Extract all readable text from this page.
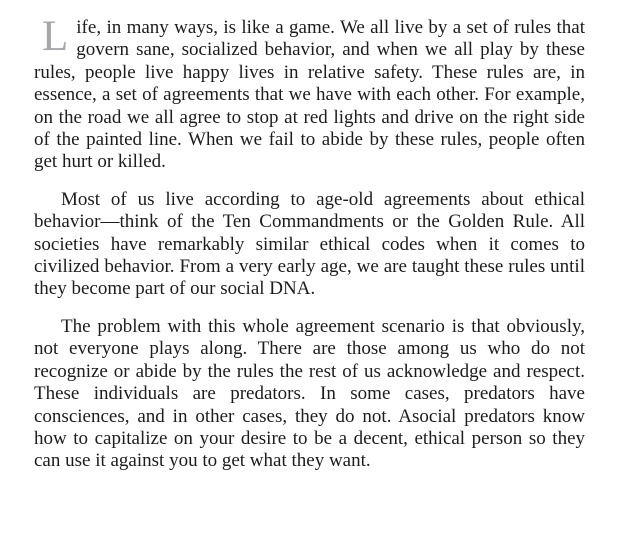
Life, in many ways, is like a game. We all live by a set of rules that govern sane, socialized behavior, and when we all play by these rules, people live happy lives in relative safety. These rules are, in essence, a set of agreements that we have with each other. For example, on the road we all agree to stop at red lights and drive on the right side of the painted line. When we fail to abide by these rules, people often get hurt or killed.

Most of us live according to age-old agreements about ethical behavior—think of the Ten Commandments or the Golden Rule. All societies have remarkably similar ethical codes when it comes to civilized behavior. From a very early age, we are taught these rules until they become part of our social DNA.

The problem with this whole agreement scenario is that obviously, not everyone plays along. There are those among us who do not recognize or abide by the rules the rest of us acknowledge and respect. These individuals are predators. In some cases, predators have consciences, and in other cases, they do not. Asocial predators know how to capitalize on your desire to be a decent, ethical person so they can use it against you to get what they want.
